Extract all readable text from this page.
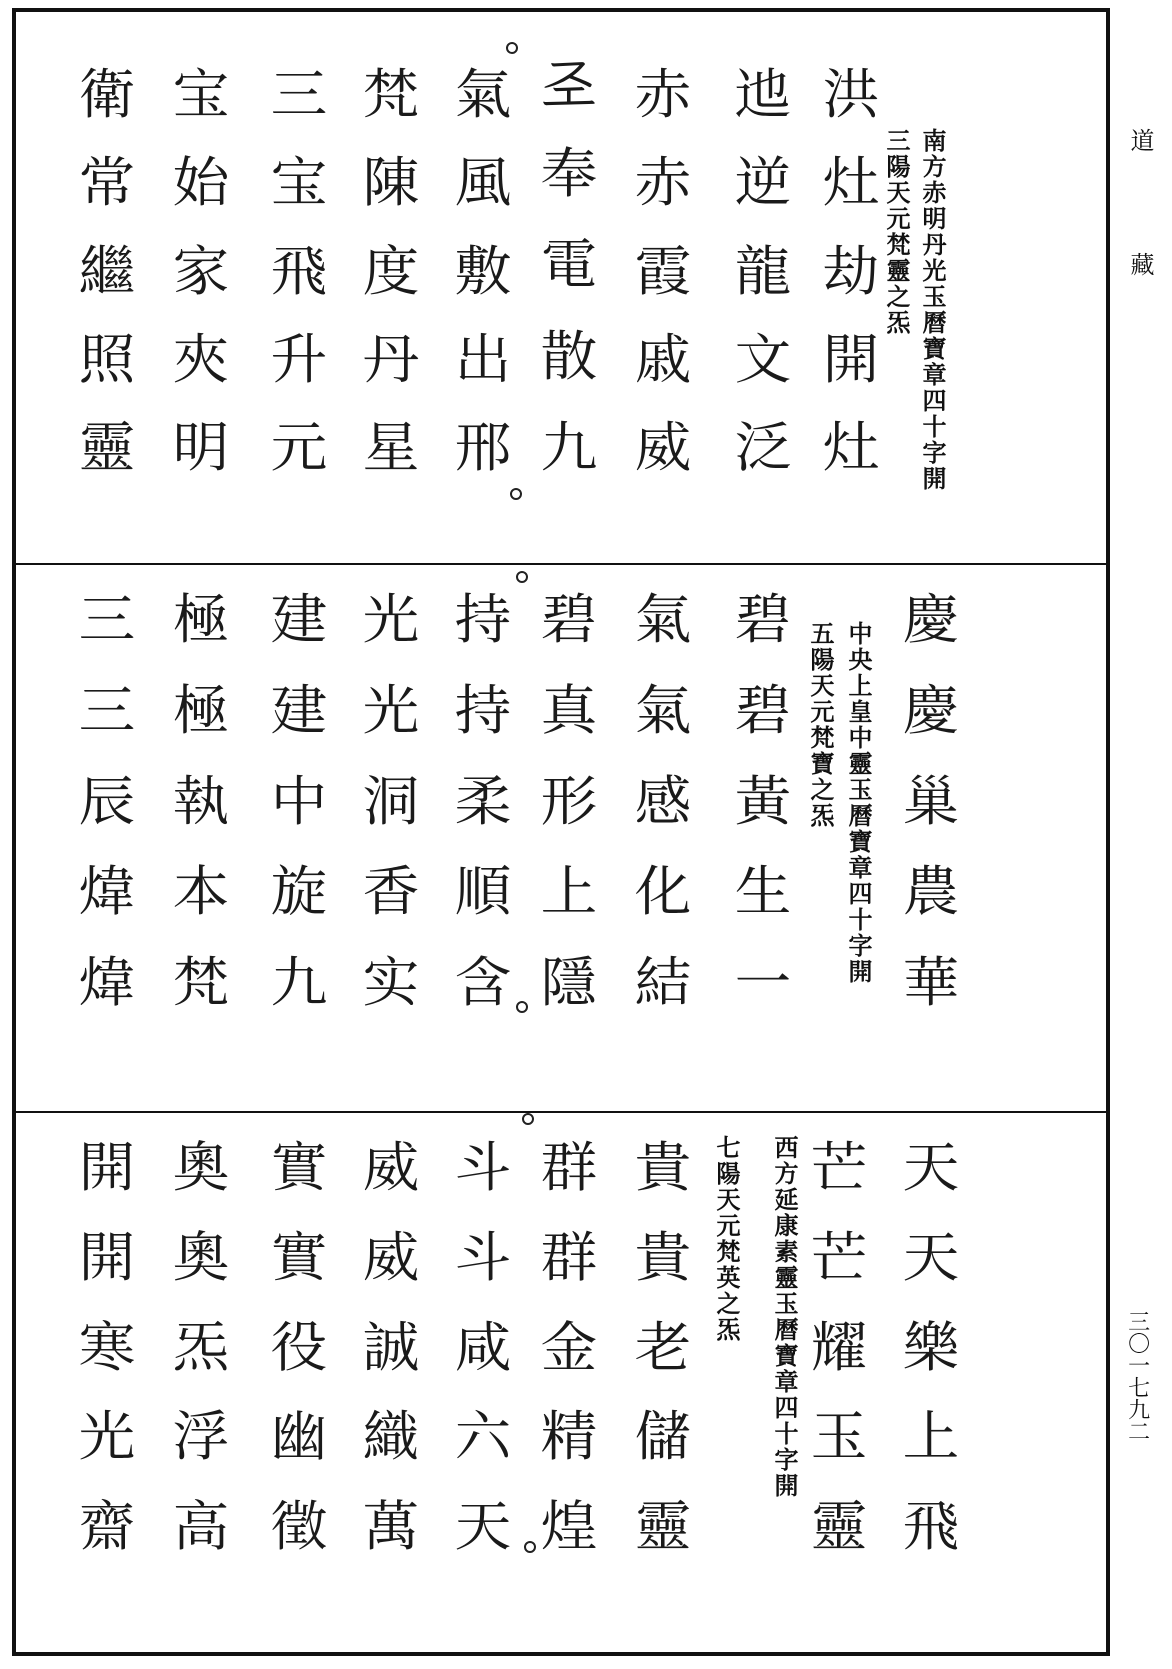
道
藏
三〇一七九二
南方赤明丹光玉曆寶章四十字開
三陽天元梵靈之炁
洪
灶
劫
開
灶
迆
逆
龍
文
泛
赤
赤
霞
戚
威
𢀖
奉
電
散
九
氣
風
敷
出
邢
梵
陳
度
丹
星
三
宝
飛
升
元
宝
始
家
夾
明
衛
常
繼
照
靈
中央上皇中靈玉曆寶章四十字開
五陽天元梵寶之炁
慶
慶
巢
農
華
碧
碧
黃
生
一
氣
氣
感
化
結
碧
真
形
上
隱
持
持
柔
順
含
光
光
洞
香
实
建
建
中
旋
九
極
極
執
本
梵
三
三
辰
煒
煒
西方延康素靈玉曆寶章四十字開
七陽天元梵英之炁	天
天
樂
上
飛
芒
芒
耀
玉
靈
貴
貴
老
儲
靈
群
群
金
精
煌
斗
斗
咸
六
天
威
威
誠
織
萬
實
實
役
幽
徵
奧
奧
炁
浮
高
開
開
寒
光
齋
